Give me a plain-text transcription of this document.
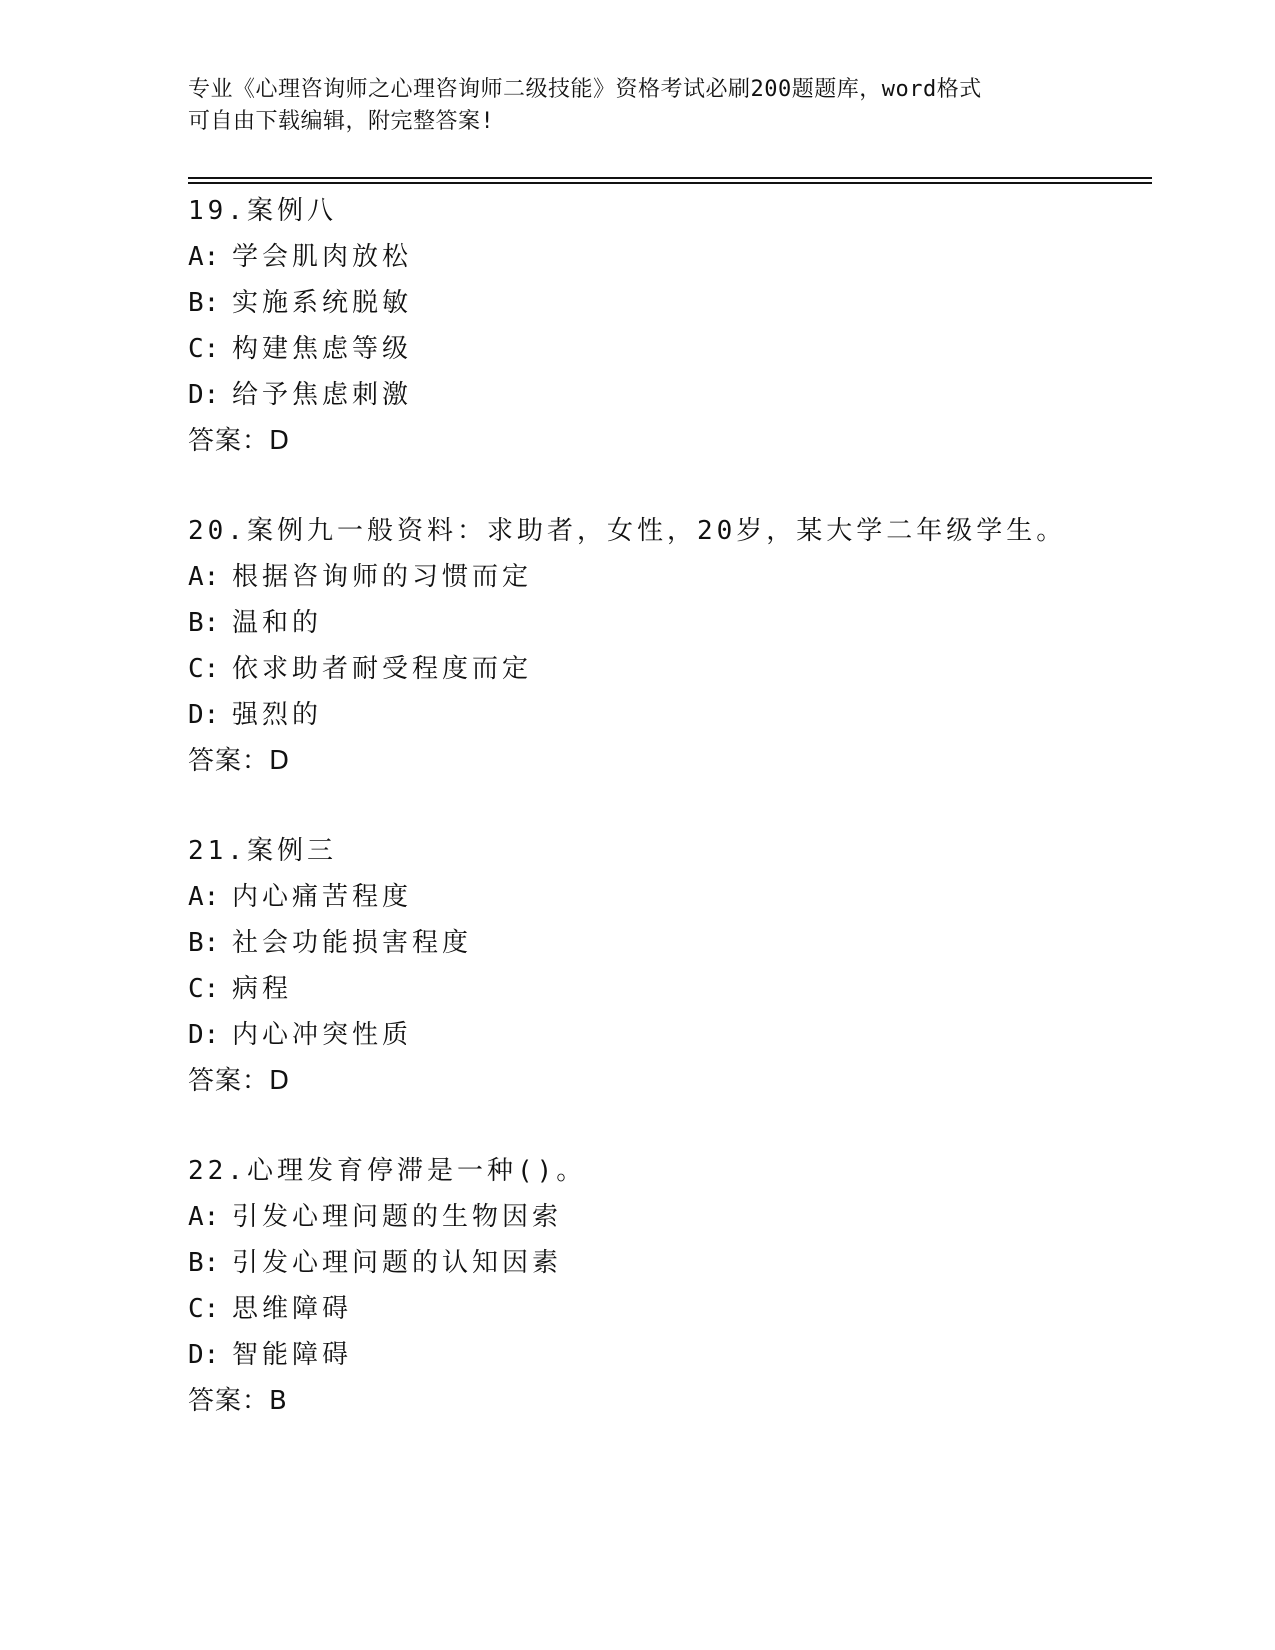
专业《心理咨询师之心理咨询师二级技能》资格考试必刷200题题库，word格式
可自由下载编辑，附完整答案!
19.案例八
A: 学会肌肉放松
B: 实施系统脱敏
C: 构建焦虑等级
D: 给予焦虑刺激
答案：D
20.案例九一般资料：求助者，女性，20岁，某大学二年级学生。
A: 根据咨询师的习惯而定
B: 温和的
C: 依求助者耐受程度而定
D: 强烈的
答案：D
21.案例三
A: 内心痛苦程度
B: 社会功能损害程度
C: 病程
D: 内心冲突性质
答案：D
22.心理发育停滞是一种()。
A: 引发心理问题的生物因索
B: 引发心理问题的认知因素
C: 思维障碍
D: 智能障碍
答案：B
